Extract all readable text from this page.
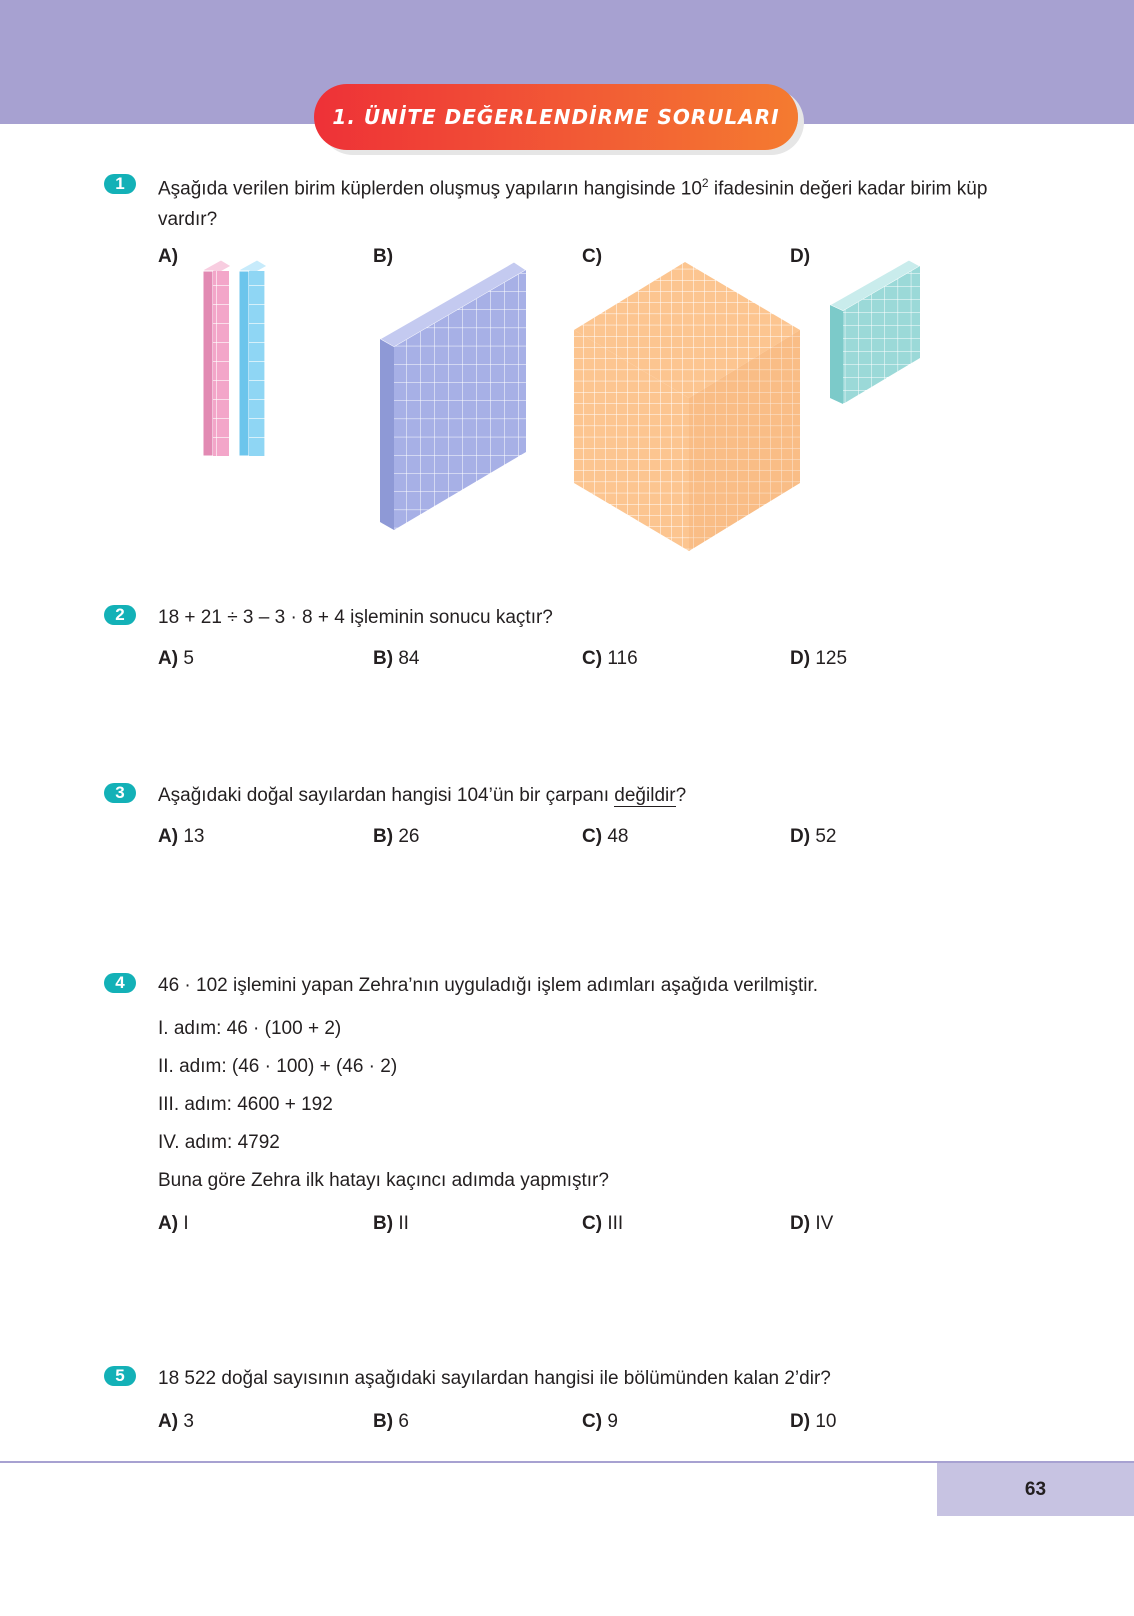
1. ÜNİTE DEĞERLENDİRME SORULARI
1	Aşağıda verilen birim küplerden oluşmuş yapıların hangisinde $10^2$ ifadesinin değeri kadar birim küp vardır?
A)	B)	C)	D)
2	18 + 21 ÷ 3 – 3 · 8 + 4 işleminin sonucu kaçtır?
A) 5	B) 84	C) 116	D) 125
3	Aşağıdaki doğal sayılardan hangisi 104’ün bir çarpanı değildir?
A) 13	B) 26	C) 48	D) 52
4	46 · 102 işlemini yapan Zehra’nın uyguladığı işlem adımları aşağıda verilmiştir.
I. adım: 46 · (100 + 2)
II. adım: (46 · 100) + (46 · 2)
III. adım: 4600 + 192
IV. adım: 4792
Buna göre Zehra ilk hatayı kaçıncı adımda yapmıştır?
A) I	B) II	C) III	D) IV
5	18 522 doğal sayısının aşağıdaki sayılardan hangisi ile bölümünden kalan 2’dir?
A) 3	B) 6	C) 9	D) 10
63
